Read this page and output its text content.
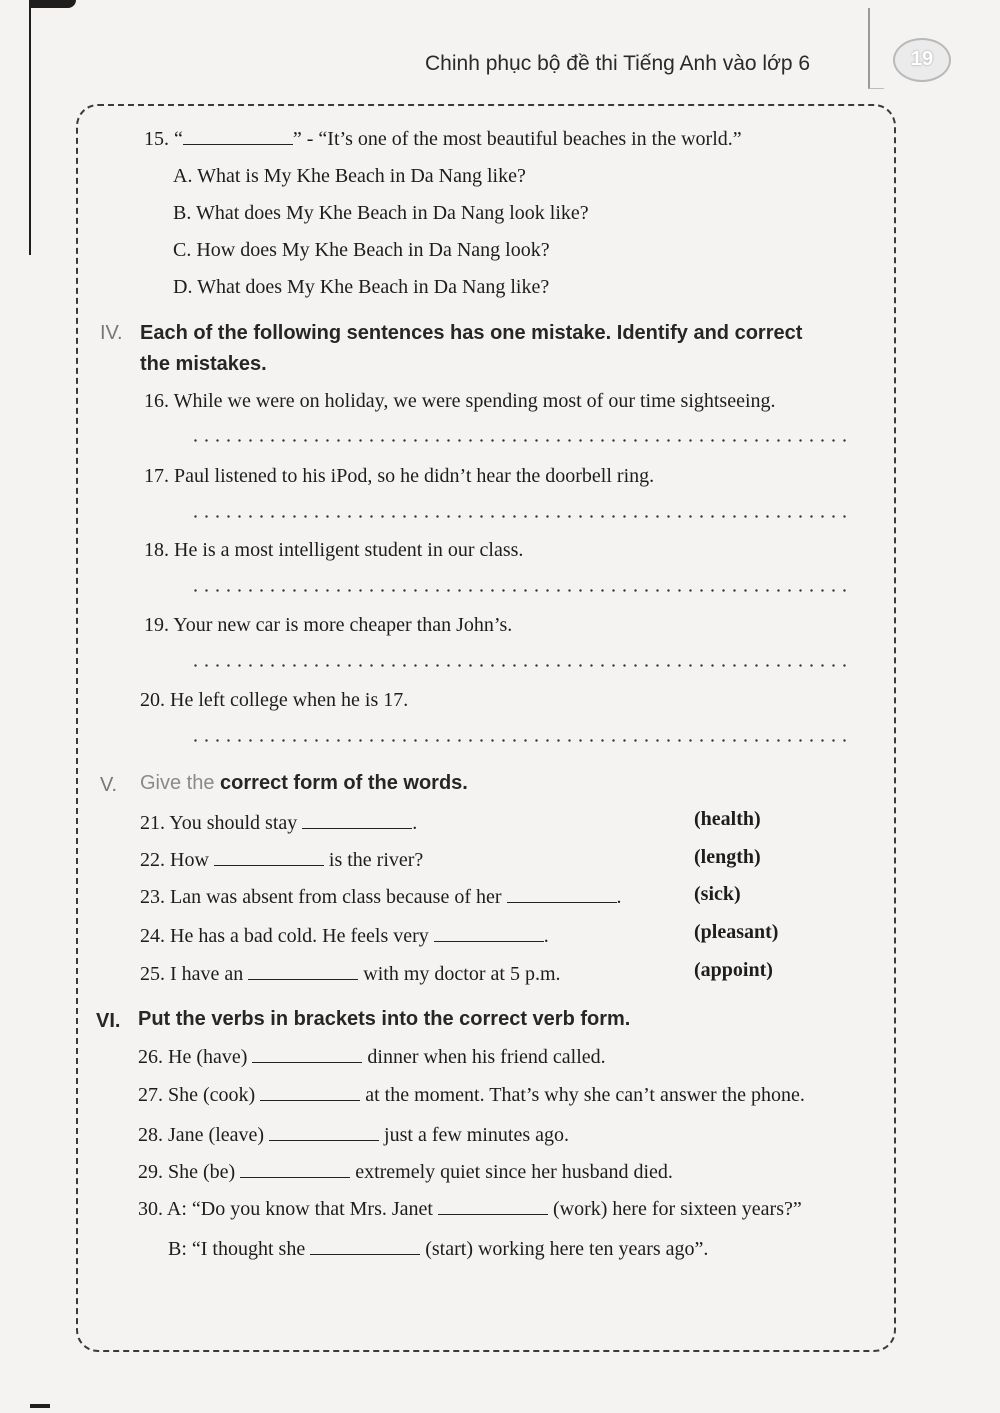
Chinh phục bộ đề thi Tiếng Anh vào lớp 6	19
15. “	” - “It’s one of the most beautiful beaches in the world.”
A. What is My Khe Beach in Da Nang like?
B. What does My Khe Beach in Da Nang look like?
C. How does My Khe Beach in Da Nang look?
D. What does My Khe Beach in Da Nang like?
IV. Each of the following sentences has one mistake. Identify and correct
the mistakes.
16. While we were on holiday, we were spending most of our time sightseeing.
17. Paul listened to his iPod, so he didn’t hear the doorbell ring.
18. He is a most intelligent student in our class.
19. Your new car is more cheaper than John’s.
20. He left college when he is 17.
V. Give the correct form of the words.
21. You should stay	.	(health)
22. How	is the river?	(length)
23. Lan was absent from class because of her	.	(sick)
24. He has a bad cold. He feels very	.	(pleasant)
25. I have an	with my doctor at 5 p.m.	(appoint)
VI. Put the verbs in brackets into the correct verb form.
26. He (have)	dinner when his friend called.
27. She (cook)	at the moment. That’s why she can’t answer the phone.
28. Jane (leave)	just a few minutes ago.
29. She (be)	extremely quiet since her husband died.
30. A: “Do you know that Mrs. Janet	(work) here for sixteen years?”
B: “I thought she	(start) working here ten years ago”.
